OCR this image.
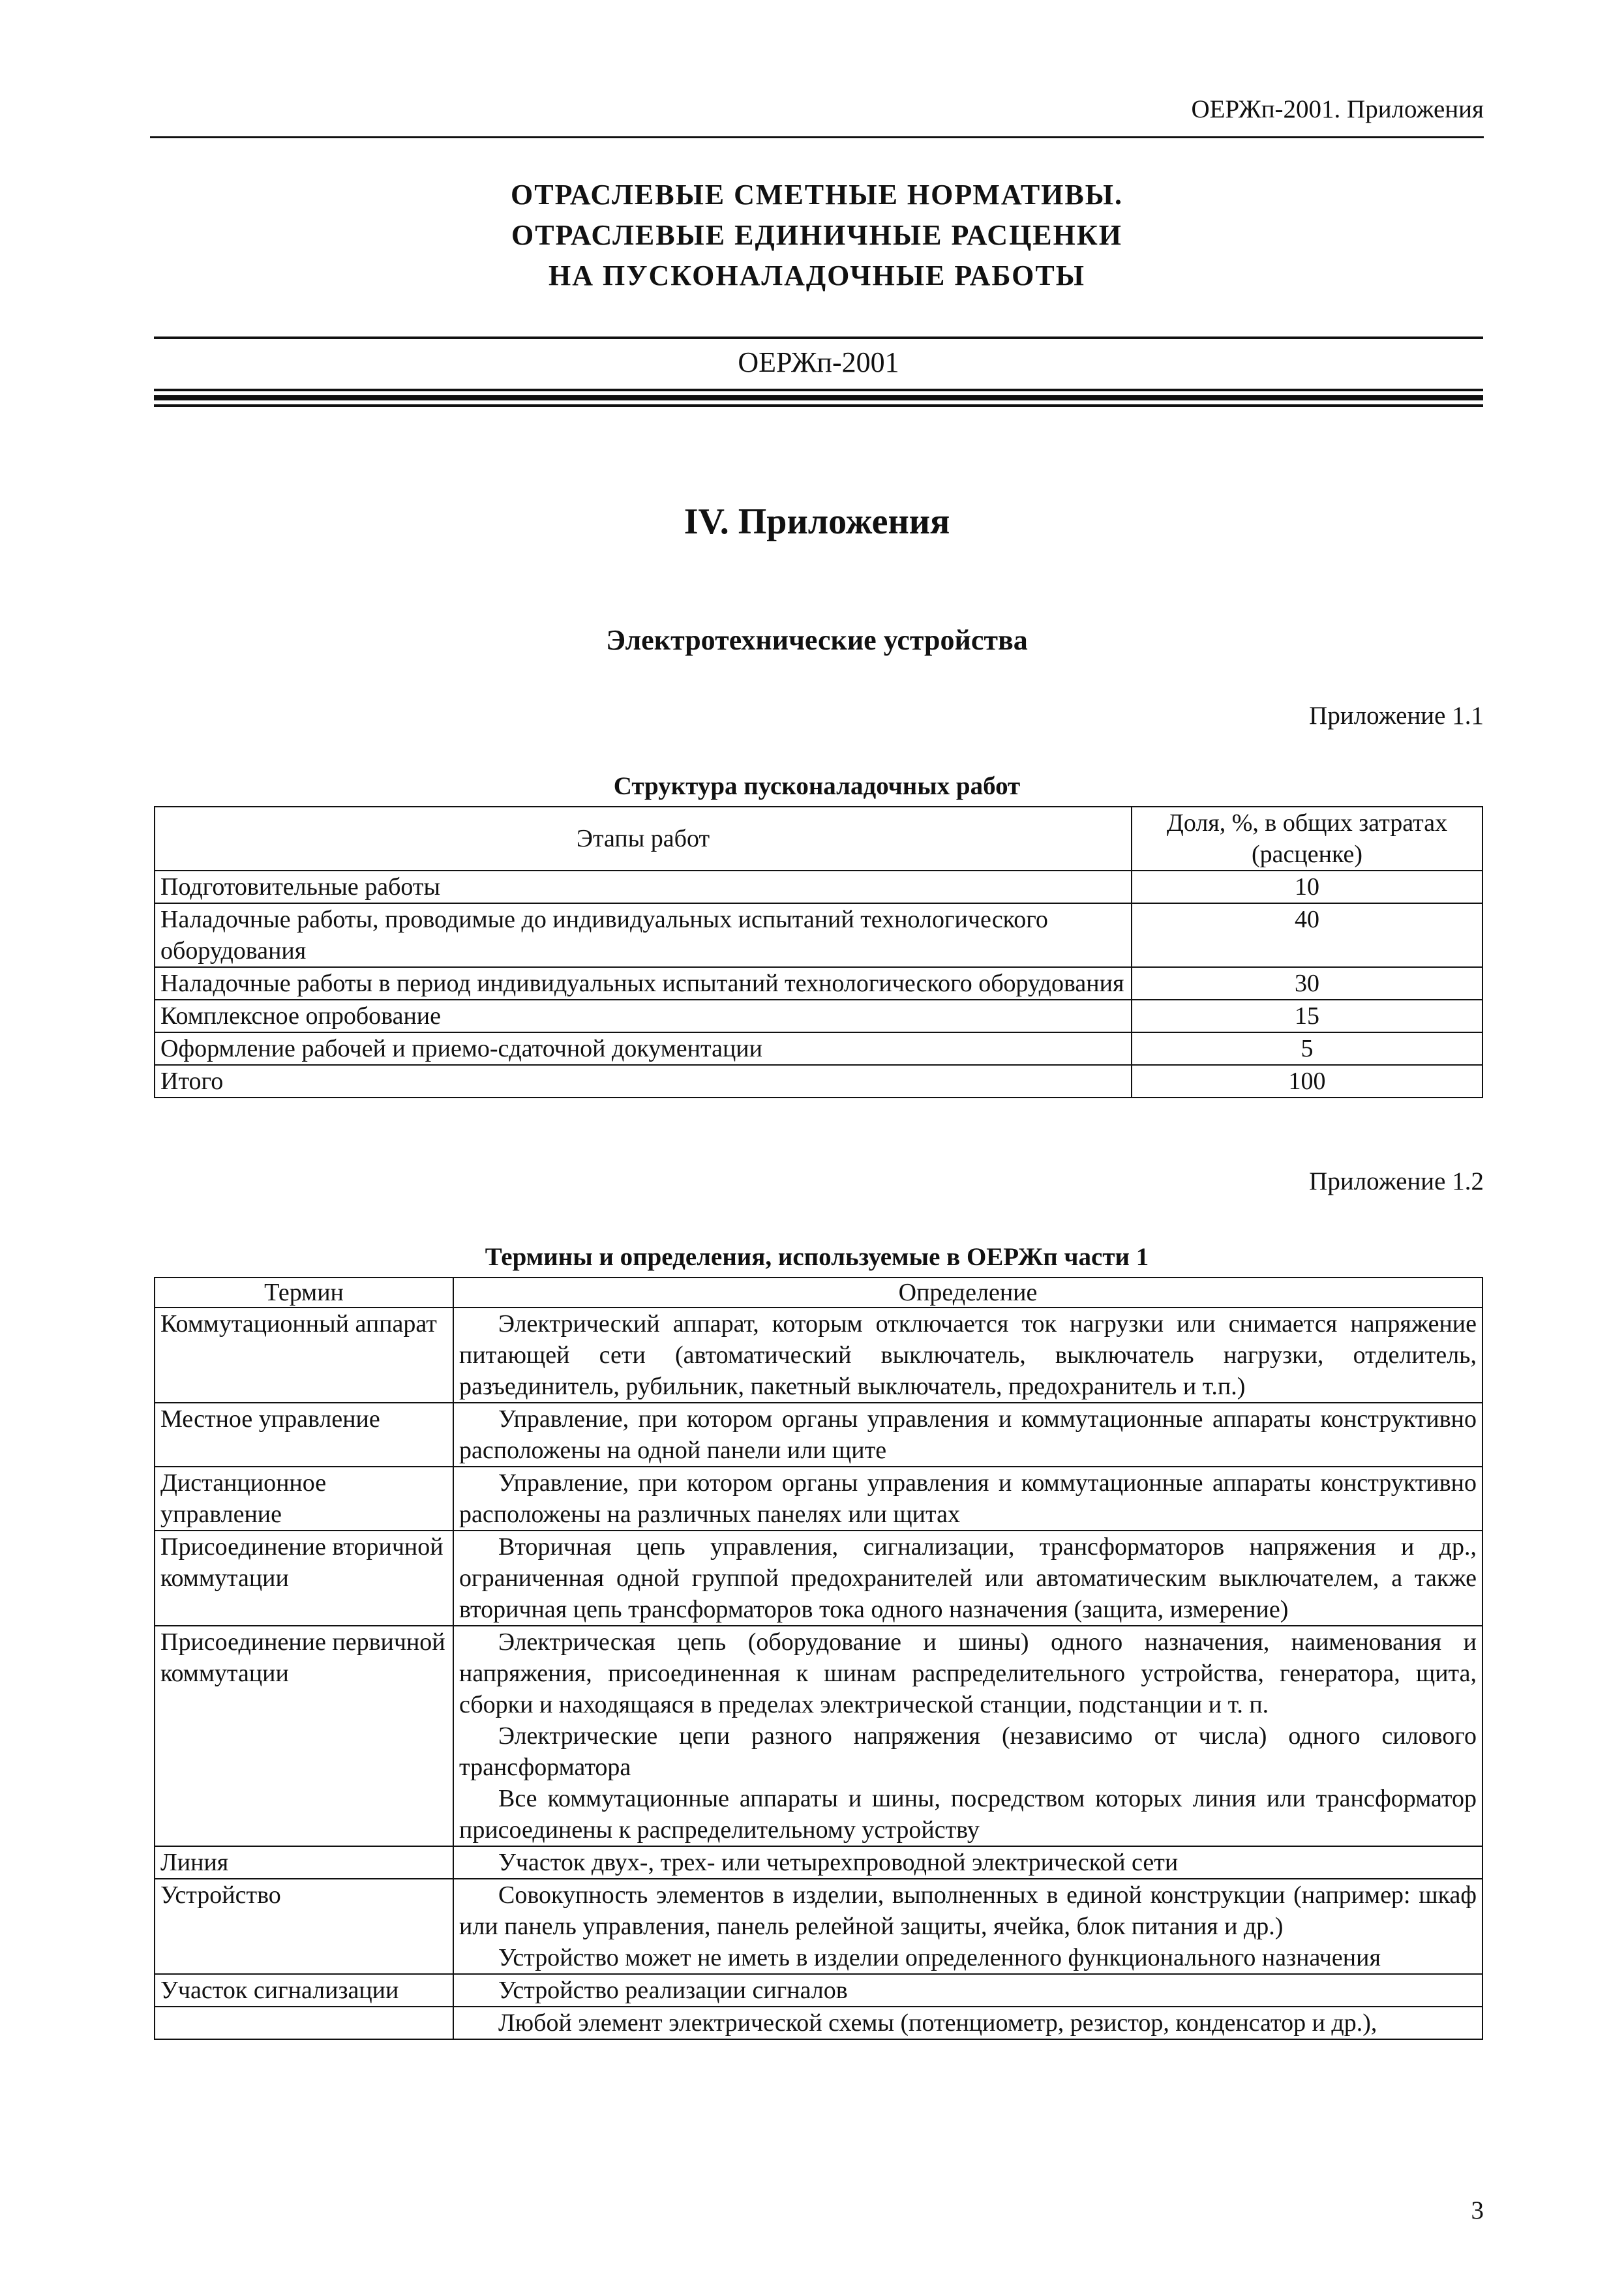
ОЕРЖп-2001. Приложения
ОТРАСЛЕВЫЕ СМЕТНЫЕ НОРМАТИВЫ.
ОТРАСЛЕВЫЕ ЕДИНИЧНЫЕ РАСЦЕНКИ
НА ПУСКОНАЛАДОЧНЫЕ РАБОТЫ
ОЕРЖп-2001
IV. Приложения
Электротехнические устройства
Приложение 1.1
Структура пусконаладочных работ
Этапы работ	Доля, %, в общих затратах (расценке)
Подготовительные работы	10
Наладочные работы, проводимые до индивидуальных испытаний технологического оборудования	40
Наладочные работы в период индивидуальных испытаний технологического оборудования	30
Комплексное опробование	15
Оформление рабочей и приемо-сдаточной документации	5
Итого	100
Приложение 1.2
Термины и определения, используемые в ОЕРЖп части 1
Термин	Определение
Коммутационный аппарат	Электрический аппарат, которым отключается ток нагрузки или снимается напряжение питающей сети (автоматический выключатель, выключатель нагрузки, отделитель, разъединитель, рубильник, пакетный выключатель, предохранитель и т.п.)

Местное управление	Управление, при котором органы управления и коммутационные аппараты конструктивно расположены на одной панели или щите

Дистанционное управление	Управление, при котором органы управления и коммутационные аппараты конструктивно расположены на различных панелях или щитах

Присоединение вторичной коммутации	Вторичная цепь управления, сигнализации, трансформаторов напряжения и др., ограниченная одной группой предохранителей или автоматическим выключателем, а также вторичная цепь трансформаторов тока одного назначения (защита, измерение)

Присоединение первичной коммутации	Электрическая цепь (оборудование и шины) одного назначения, наименования и напряжения, присоединенная к шинам распределительного устройства, генератора, щита, сборки и находящаяся в пределах электрической станции, подстанции и т. п.

Электрические цепи разного напряжения (независимо от числа) одного силового трансформатора

Все коммутационные аппараты и шины, посредством которых линия или трансформатор присоединены к распределительному устройству

Линия	Участок двух-, трех- или четырехпроводной электрической сети

Устройство	Совокупность элементов в изделии, выполненных в единой конструкции (например: шкаф или панель управления, панель релейной защиты, ячейка, блок питания и др.)

Устройство может не иметь в изделии определенного функционального назначения

Участок сигнализации	Устройство реализации сигналов

	Любой элемент электрической схемы (потенциометр, резистор, конденсатор и др.),

3
